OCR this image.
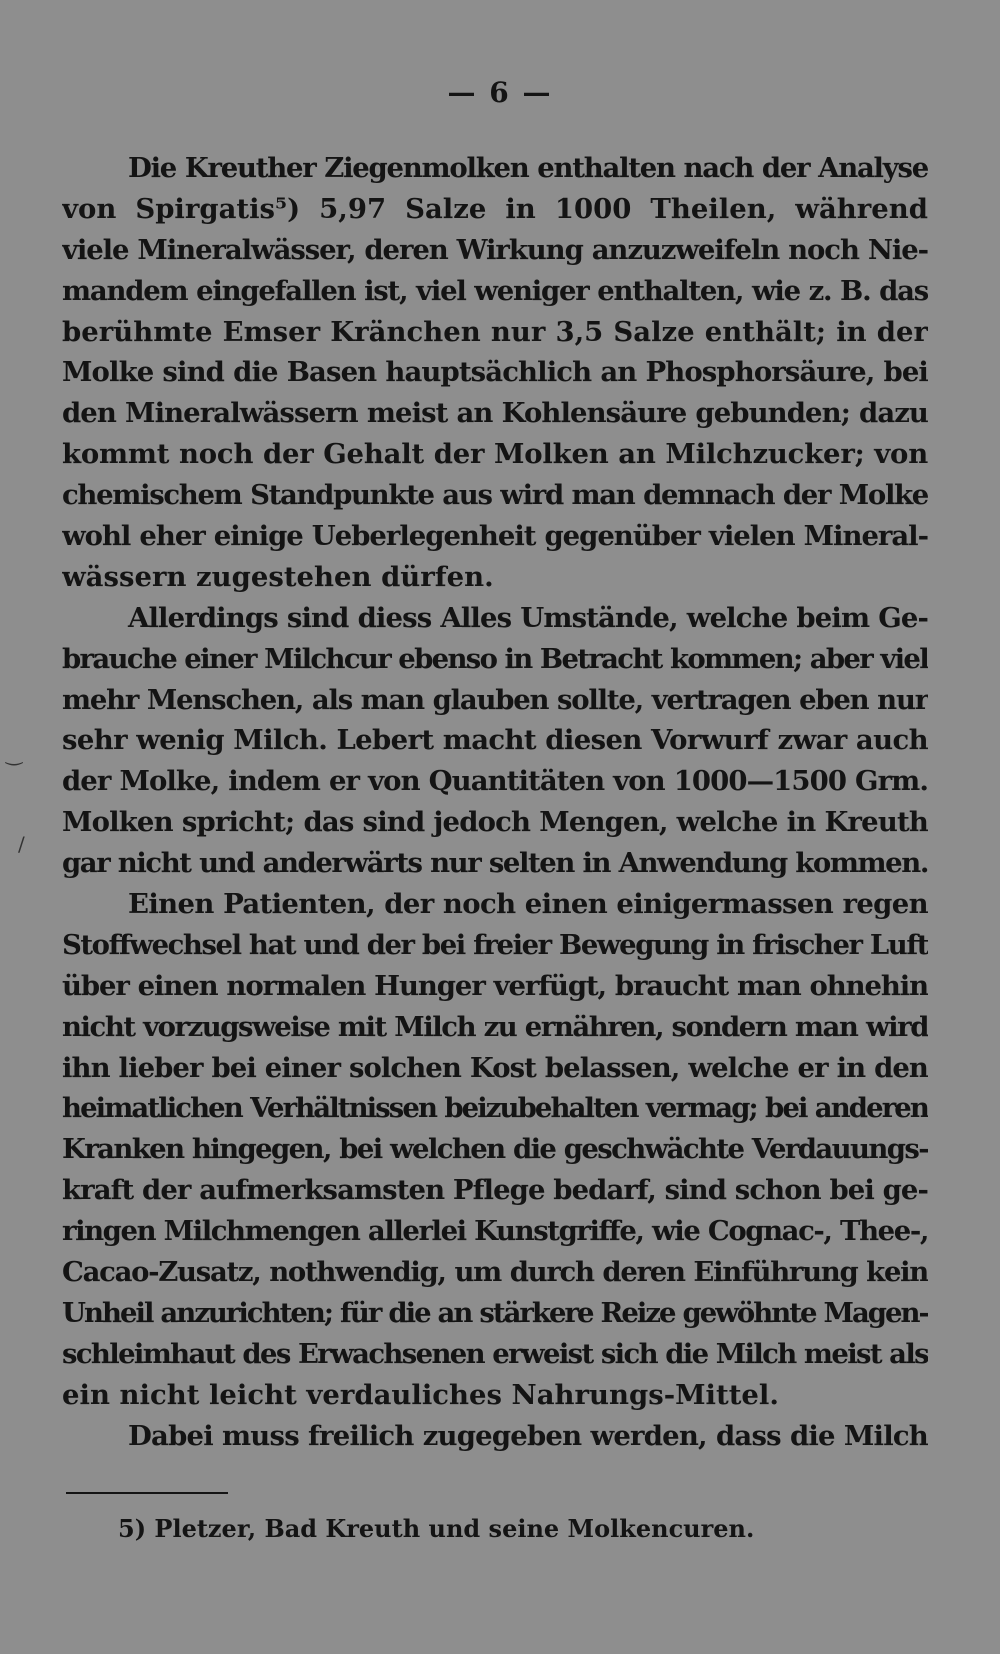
— 6 —
Die Kreuther Ziegenmolken enthalten nach der Analyse
von Spirgatis⁵) 5,97 Salze in 1000 Theilen, während
viele Mineralwässer, deren Wirkung anzuzweifeln noch Nie-
mandem eingefallen ist, viel weniger enthalten, wie z. B. das
berühmte Emser Kränchen nur 3,5 Salze enthält; in der
Molke sind die Basen hauptsächlich an Phosphorsäure, bei
den Mineralwässern meist an Kohlensäure gebunden; dazu
kommt noch der Gehalt der Molken an Milchzucker; von
chemischem Standpunkte aus wird man demnach der Molke
wohl eher einige Ueberlegenheit gegenüber vielen Mineral-
wässern zugestehen dürfen.
Allerdings sind diess Alles Umstände, welche beim Ge-
brauche einer Milchcur ebenso in Betracht kommen; aber viel
mehr Menschen, als man glauben sollte, vertragen eben nur
sehr wenig Milch. Lebert macht diesen Vorwurf zwar auch
der Molke, indem er von Quantitäten von 1000—1500 Grm.
Molken spricht; das sind jedoch Mengen, welche in Kreuth
gar nicht und anderwärts nur selten in Anwendung kommen.
Einen Patienten, der noch einen einigermassen regen
Stoffwechsel hat und der bei freier Bewegung in frischer Luft
über einen normalen Hunger verfügt, braucht man ohnehin
nicht vorzugsweise mit Milch zu ernähren, sondern man wird
ihn lieber bei einer solchen Kost belassen, welche er in den
heimatlichen Verhältnissen beizubehalten vermag; bei anderen
Kranken hingegen, bei welchen die geschwächte Verdauungs-
kraft der aufmerksamsten Pflege bedarf, sind schon bei ge-
ringen Milchmengen allerlei Kunstgriffe, wie Cognac-, Thee-,
Cacao-Zusatz, nothwendig, um durch deren Einführung kein
Unheil anzurichten; für die an stärkere Reize gewöhnte Magen-
schleimhaut des Erwachsenen erweist sich die Milch meist als
ein nicht leicht verdauliches Nahrungs-Mittel.
Dabei muss freilich zugegeben werden, dass die Milch
‿
/
5) Pletzer, Bad Kreuth und seine Molkencuren.
